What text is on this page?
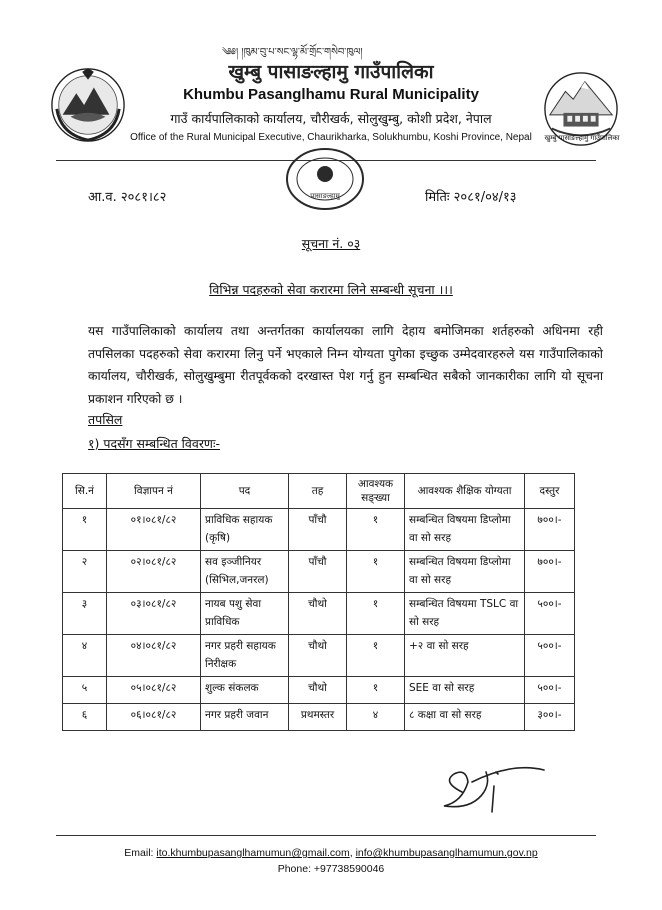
खुम्बु पासाङल्हामु गाउँपालिका
༄༅། །ཁུམ་བུ་པ་སང་ལྷ་མོ་གྲོང་གསེབ་ཁུལ།
खुम्बु पासाङल्हामु गाउँपालिका
Khumbu Pasanglhamu Rural Municipality
गाउँ कार्यपालिकाको कार्यालय, चौरीखर्क, सोलुखुम्बु, कोशी प्रदेश, नेपाल
Office of the Rural Municipal Executive, Chaurikharka, Solukhumbu, Koshi Province, Nepal
पासाङल्हामु
आ.व. २०८१।८२	मितिः २०८१/०४/१३
सूचना नं. ०३
विभिन्न पदहरुको सेवा करारमा लिने सम्बन्धी सूचना ।।।
यस गाउँपालिकाको कार्यालय तथा अन्तर्गतका कार्यालयका लागि देहाय बमोजिमका शर्तहरुको अधिनमा रही तपसिलका पदहरुको सेवा करारमा लिनु पर्ने भएकाले निम्न योग्यता पुगेका इच्छुक उम्मेदवारहरुले यस गाउँपालिकाको कार्यालय, चौरीखर्क, सोलुखुम्बुमा रीतपूर्वकको दरखास्त पेश गर्नु हुन सम्बन्धित सबैको जानकारीका लागि यो सूचना प्रकाशन गरिएको छ ।
तपसिल
१) पदसँग सम्बन्धित विवरणः-
सि.नं	विज्ञापन नं	पद	तह	आवश्यक सङ्ख्या	आवश्यक शैक्षिक योग्यता	दस्तुर
१	०१।०८१/८२	प्राविधिक सहायक (कृषि)	पाँचौ	१	सम्बन्धित विषयमा डिप्लोमा वा सो सरह	७००।-
२	०२।०८१/८२	सव इञ्जीनियर (सिभिल,जनरल)	पाँचौ	१	सम्बन्धित विषयमा डिप्लोमा वा सो सरह	७००।-
३	०३।०८१/८२	नायब पशु सेवा प्राविधिक	चौथो	१	सम्बन्धित विषयमा TSLC वा सो सरह	५००।-
४	०४।०८१/८२	नगर प्रहरी सहायक निरीक्षक	चौथो	१	+२ वा सो सरह	५००।-
५	०५।०८१/८२	शुल्क संकलक	चौथो	१	SEE वा सो सरह	५००।-
६	०६।०८१/८२	नगर प्रहरी जवान	प्रथमस्तर	४	८ कक्षा वा सो सरह	३००।-
Email: ito.khumbupasanglhamumun@gmail.com, info@khumbupasanglhamumun.gov.np
Phone: +97738590046
